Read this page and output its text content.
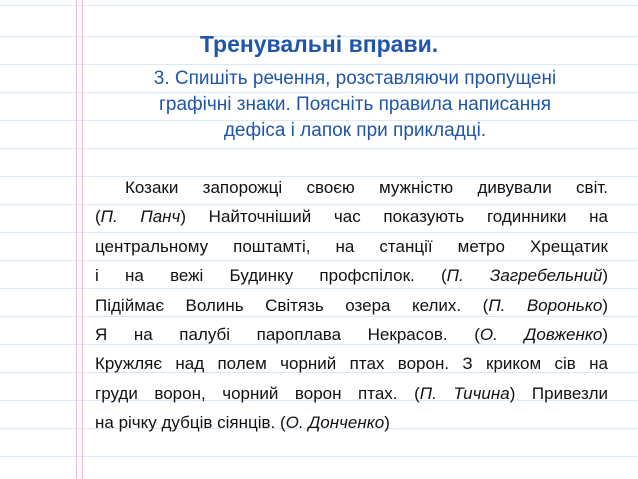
Тренувальні вправи.
3. Спишіть речення, розставляючи пропущені
графічні знаки. Поясніть правила написання
дефіса і лапок при прикладці.
Козаки запорожці своєю мужністю дивували світ.
(П. Панч) Найточніший час показують годинники на
центральному поштамті, на станції метро Хрещатик
і на вежі Будинку профспілок. (П. Загребельний)
Підіймає Волинь Світязь озера келих. (П. Воронько)
Я на палубі пароплава Некрасов. (О. Довженко)
Кружляє над полем чорний птах ворон. З криком сів на
груди ворон, чорний ворон птах. (П. Тичина) Привезли
на річку дубців сіянців. (О. Донченко)
